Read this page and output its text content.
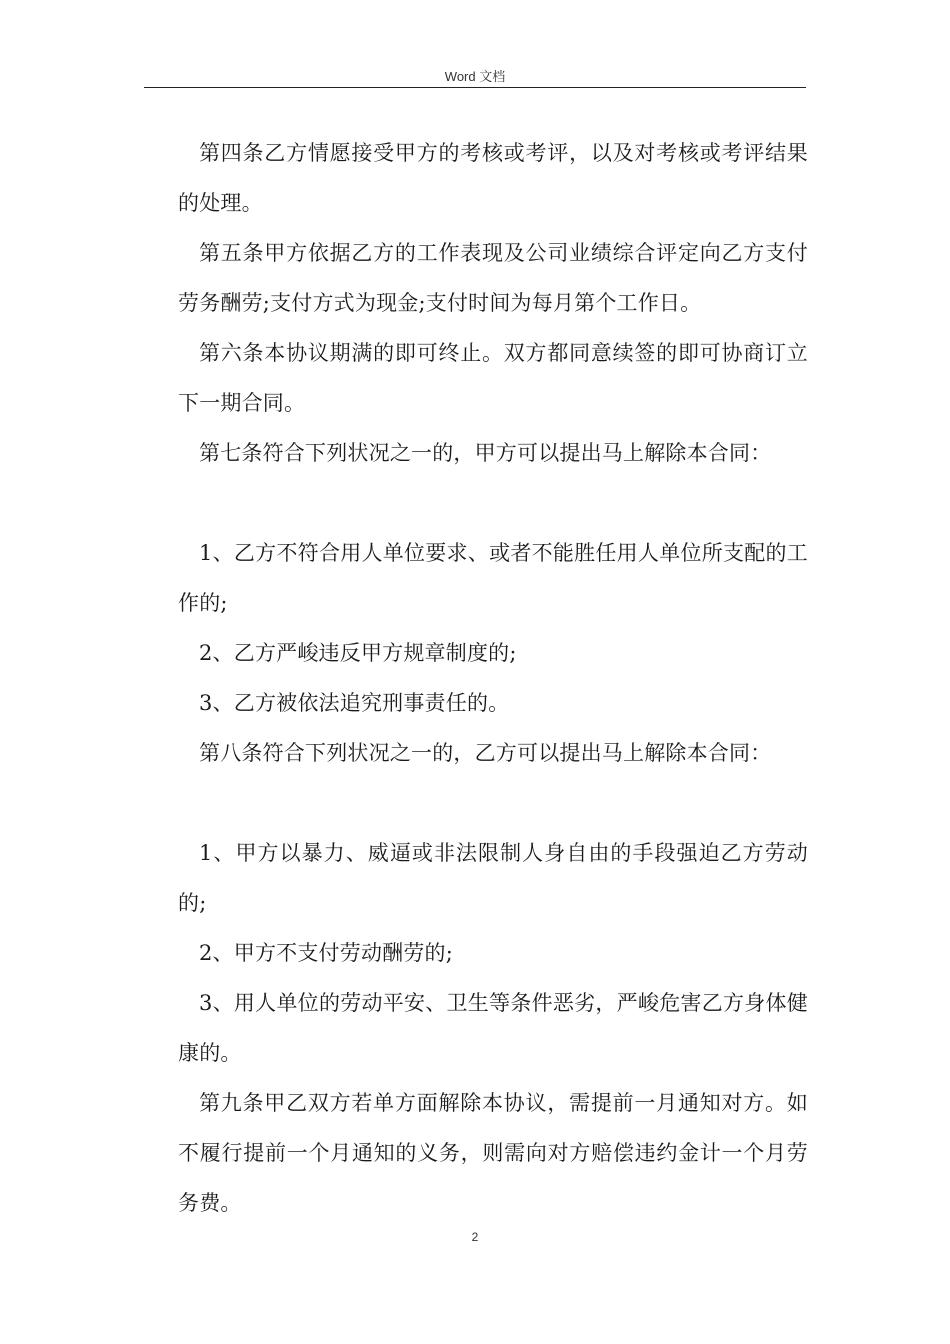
Word 文档

第四条乙方情愿接受甲方的考核或考评，以及对考核或考评结果的处理。

第五条甲方依据乙方的工作表现及公司业绩综合评定向乙方支付劳务酬劳;支付方式为现金;支付时间为每月第个工作日。

第六条本协议期满的即可终止。双方都同意续签的即可协商订立下一期合同。

第七条符合下列状况之一的，甲方可以提出马上解除本合同：

1、乙方不符合用人单位要求、或者不能胜任用人单位所支配的工作的;

2、乙方严峻违反甲方规章制度的;

3、乙方被依法追究刑事责任的。

第八条符合下列状况之一的，乙方可以提出马上解除本合同：

1、甲方以暴力、威逼或非法限制人身自由的手段强迫乙方劳动的;

2、甲方不支付劳动酬劳的;

3、用人单位的劳动平安、卫生等条件恶劣，严峻危害乙方身体健康的。

第九条甲乙双方若单方面解除本协议，需提前一月通知对方。如不履行提前一个月通知的义务，则需向对方赔偿违约金计一个月劳务费。

2
